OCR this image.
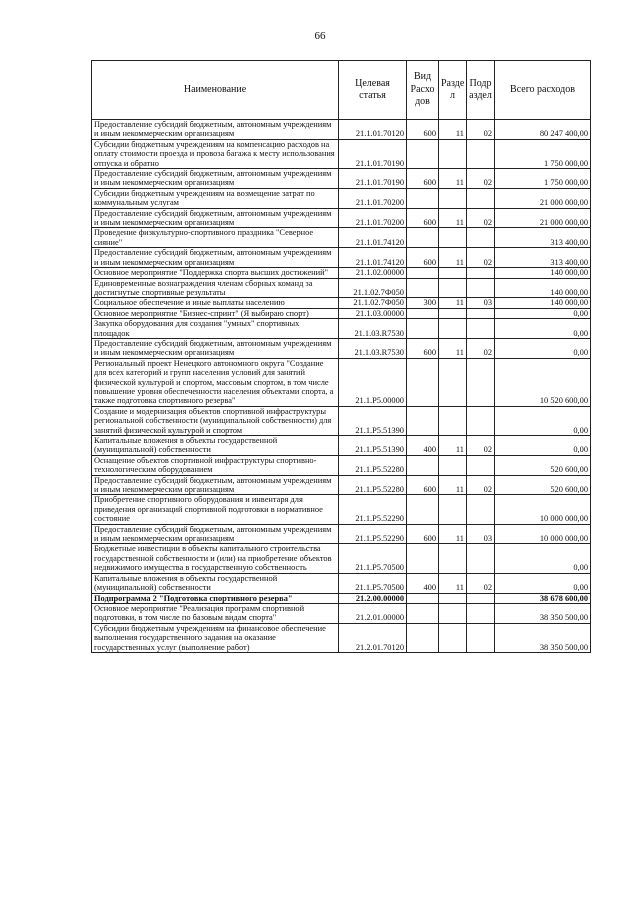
66
Наименование	Целевая статья	Вид Расхо дов	Разде л	Подр аздел	Всего расходов
Предоставление субсидий бюджетным, автономным учреждениям и иным некоммерческим организациям	21.1.01.70120	600	11	02	80 247 400,00
Субсидии бюджетным учреждениям на компенсацию расходов на оплату стоимости проезда и провоза багажа к месту использования отпуска и обратно	21.1.01.70190				1 750 000,00
Предоставление субсидий бюджетным, автономным учреждениям и иным некоммерческим организациям	21.1.01.70190	600	11	02	1 750 000,00
Субсидии бюджетным учреждениям на возмещение затрат по коммунальным услугам	21.1.01.70200				21 000 000,00
Предоставление субсидий бюджетным, автономным учреждениям и иным некоммерческим организациям	21.1.01.70200	600	11	02	21 000 000,00
Проведение физкультурно-спортивного праздника "Северное сияние"	21.1.01.74120				313 400,00
Предоставление субсидий бюджетным, автономным учреждениям и иным некоммерческим организациям	21.1.01.74120	600	11	02	313 400,00
Основное мероприятие "Поддержка спорта высших достижений"	21.1.02.00000				140 000,00
Единовременные вознаграждения членам сборных команд за достигнутые спортивные результаты	21.1.02.7Ф050				140 000,00
Социальное обеспечение и иные выплаты населению	21.1.02.7Ф050	300	11	03	140 000,00
Основное мероприятие "Бизнес-спринт" (Я выбираю спорт)	21.1.03.00000				0,00
Закупка оборудования для создания "умных" спортивных площадок	21.1.03.R7530				0,00
Предоставление субсидий бюджетным, автономным учреждениям и иным некоммерческим организациям	21.1.03.R7530	600	11	02	0,00
Региональный проект Ненецкого автономного округа "Создание для всех категорий и групп населения условий для занятий физической культурой и спортом, массовым спортом, в том числе повышение уровня обеспеченности населения объектами спорта, а также подготовка спортивного резерва"	21.1.P5.00000				10 520 600,00
Создание и модернизация объектов спортивной инфраструктуры региональной собственности (муниципальной собственности) для занятий физической культурой и спортом	21.1.P5.51390				0,00
Капитальные вложения в объекты государственной (муниципальной) собственности	21.1.P5.51390	400	11	02	0,00
Оснащение объектов спортивной инфраструктуры спортивно-технологическим оборудованием	21.1.P5.52280				520 600,00
Предоставление субсидий бюджетным, автономным учреждениям и иным некоммерческим организациям	21.1.P5.52280	600	11	02	520 600,00
Приобретение спортивного оборудования и инвентаря для приведения организаций спортивной подготовки в нормативное состояние	21.1.P5.52290				10 000 000,00
Предоставление субсидий бюджетным, автономным учреждениям и иным некоммерческим организациям	21.1.P5.52290	600	11	03	10 000 000,00
Бюджетные инвестиции в объекты капитального строительства государственной собственности и (или) на приобретение объектов недвижимого имущества в государственную собственность	21.1.P5.70500				0,00
Капитальные вложения в объекты государственной (муниципальной) собственности	21.1.P5.70500	400	11	02	0,00
Подпрограмма 2 "Подготовка спортивного резерва"	21.2.00.00000				38 678 600,00
Основное мероприятие "Реализация программ спортивной подготовки, в том числе по базовым видам спорта"	21.2.01.00000				38 350 500,00
Субсидии бюджетным учреждениям на финансовое обеспечение выполнения государственного задания на оказание государственных услуг (выполнение работ)	21.2.01.70120				38 350 500,00
